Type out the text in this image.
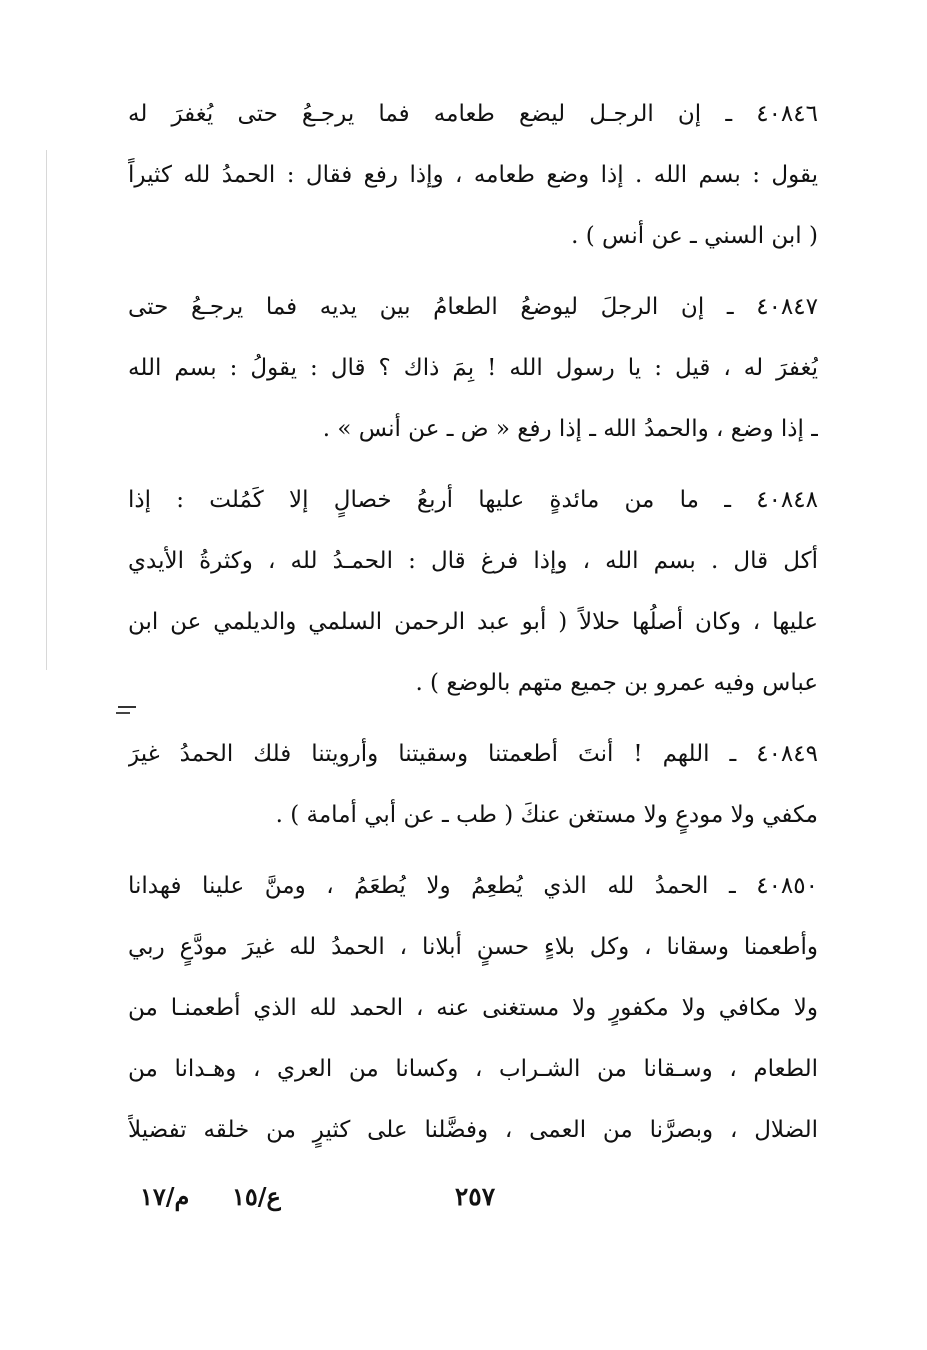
٤٠٨٤٦ ـ إن الرجـل ليضع طعامه فما يرجـعُ حتى يُغفرَ له
يقول : بسم الله . إذا وضع طعامه ، وإذا رفع فقال : الحمدُ لله كثيراً
( ابن السني ـ عن أنس ) .
٤٠٨٤٧ ـ إن الرجلَ ليوضعُ الطعامُ بين يديه فما يرجـعُ حتى
يُغفرَ له ، قيل : يا رسول الله ! بِمَ ذاك ؟ قال : يقولُ : بسم الله
ـ إذا وضع ، والحمدُ الله ـ إذا رفع « ض ـ عن أنس » .
٤٠٨٤٨ ـ ما من مائدةٍ عليها أربعُ خصالٍ إلا كَمُلت : إذا
أكل قال . بسم الله ، وإذا فرغ قال : الحمـدُ لله ، وكثرةُ الأيدي
عليها ، وكان أصلُها حلالاً ( أبو عبد الرحمن السلمي والديلمي عن ابن
عباس وفيه عمرو بن جميع متهم بالوضع ) .
٤٠٨٤٩ ـ اللهم ! أنتَ أطعمتنا وسقيتنا وأرويتنا فلك الحمدُ غيرَ
مكفي ولا مودعٍ ولا مستغن عنكَ ( طب ـ عن أبي أمامة ) .
٤٠٨٥٠ ـ الحمدُ لله الذي يُطعِمُ ولا يُطعَمُ ، ومنَّ علينا فهدانا
وأطعمنا وسقانا ، وكل بلاءٍ حسنٍ أبلانا ، الحمدُ لله غيرَ مودَّعٍ ربي
ولا مكافي ولا مكفورٍ ولا مستغنى عنه ، الحمد لله الذي أطعمنـا من
الطعام ، وسـقانا من الشـراب ، وكسانا من العري ، وهـدانا من
الضلال ، وبصرَّنا من العمى ، وفضَّلنا على كثيرٍ من خلقه تفضيلاً
م/١٧ ع/١٥	٢٥٧
